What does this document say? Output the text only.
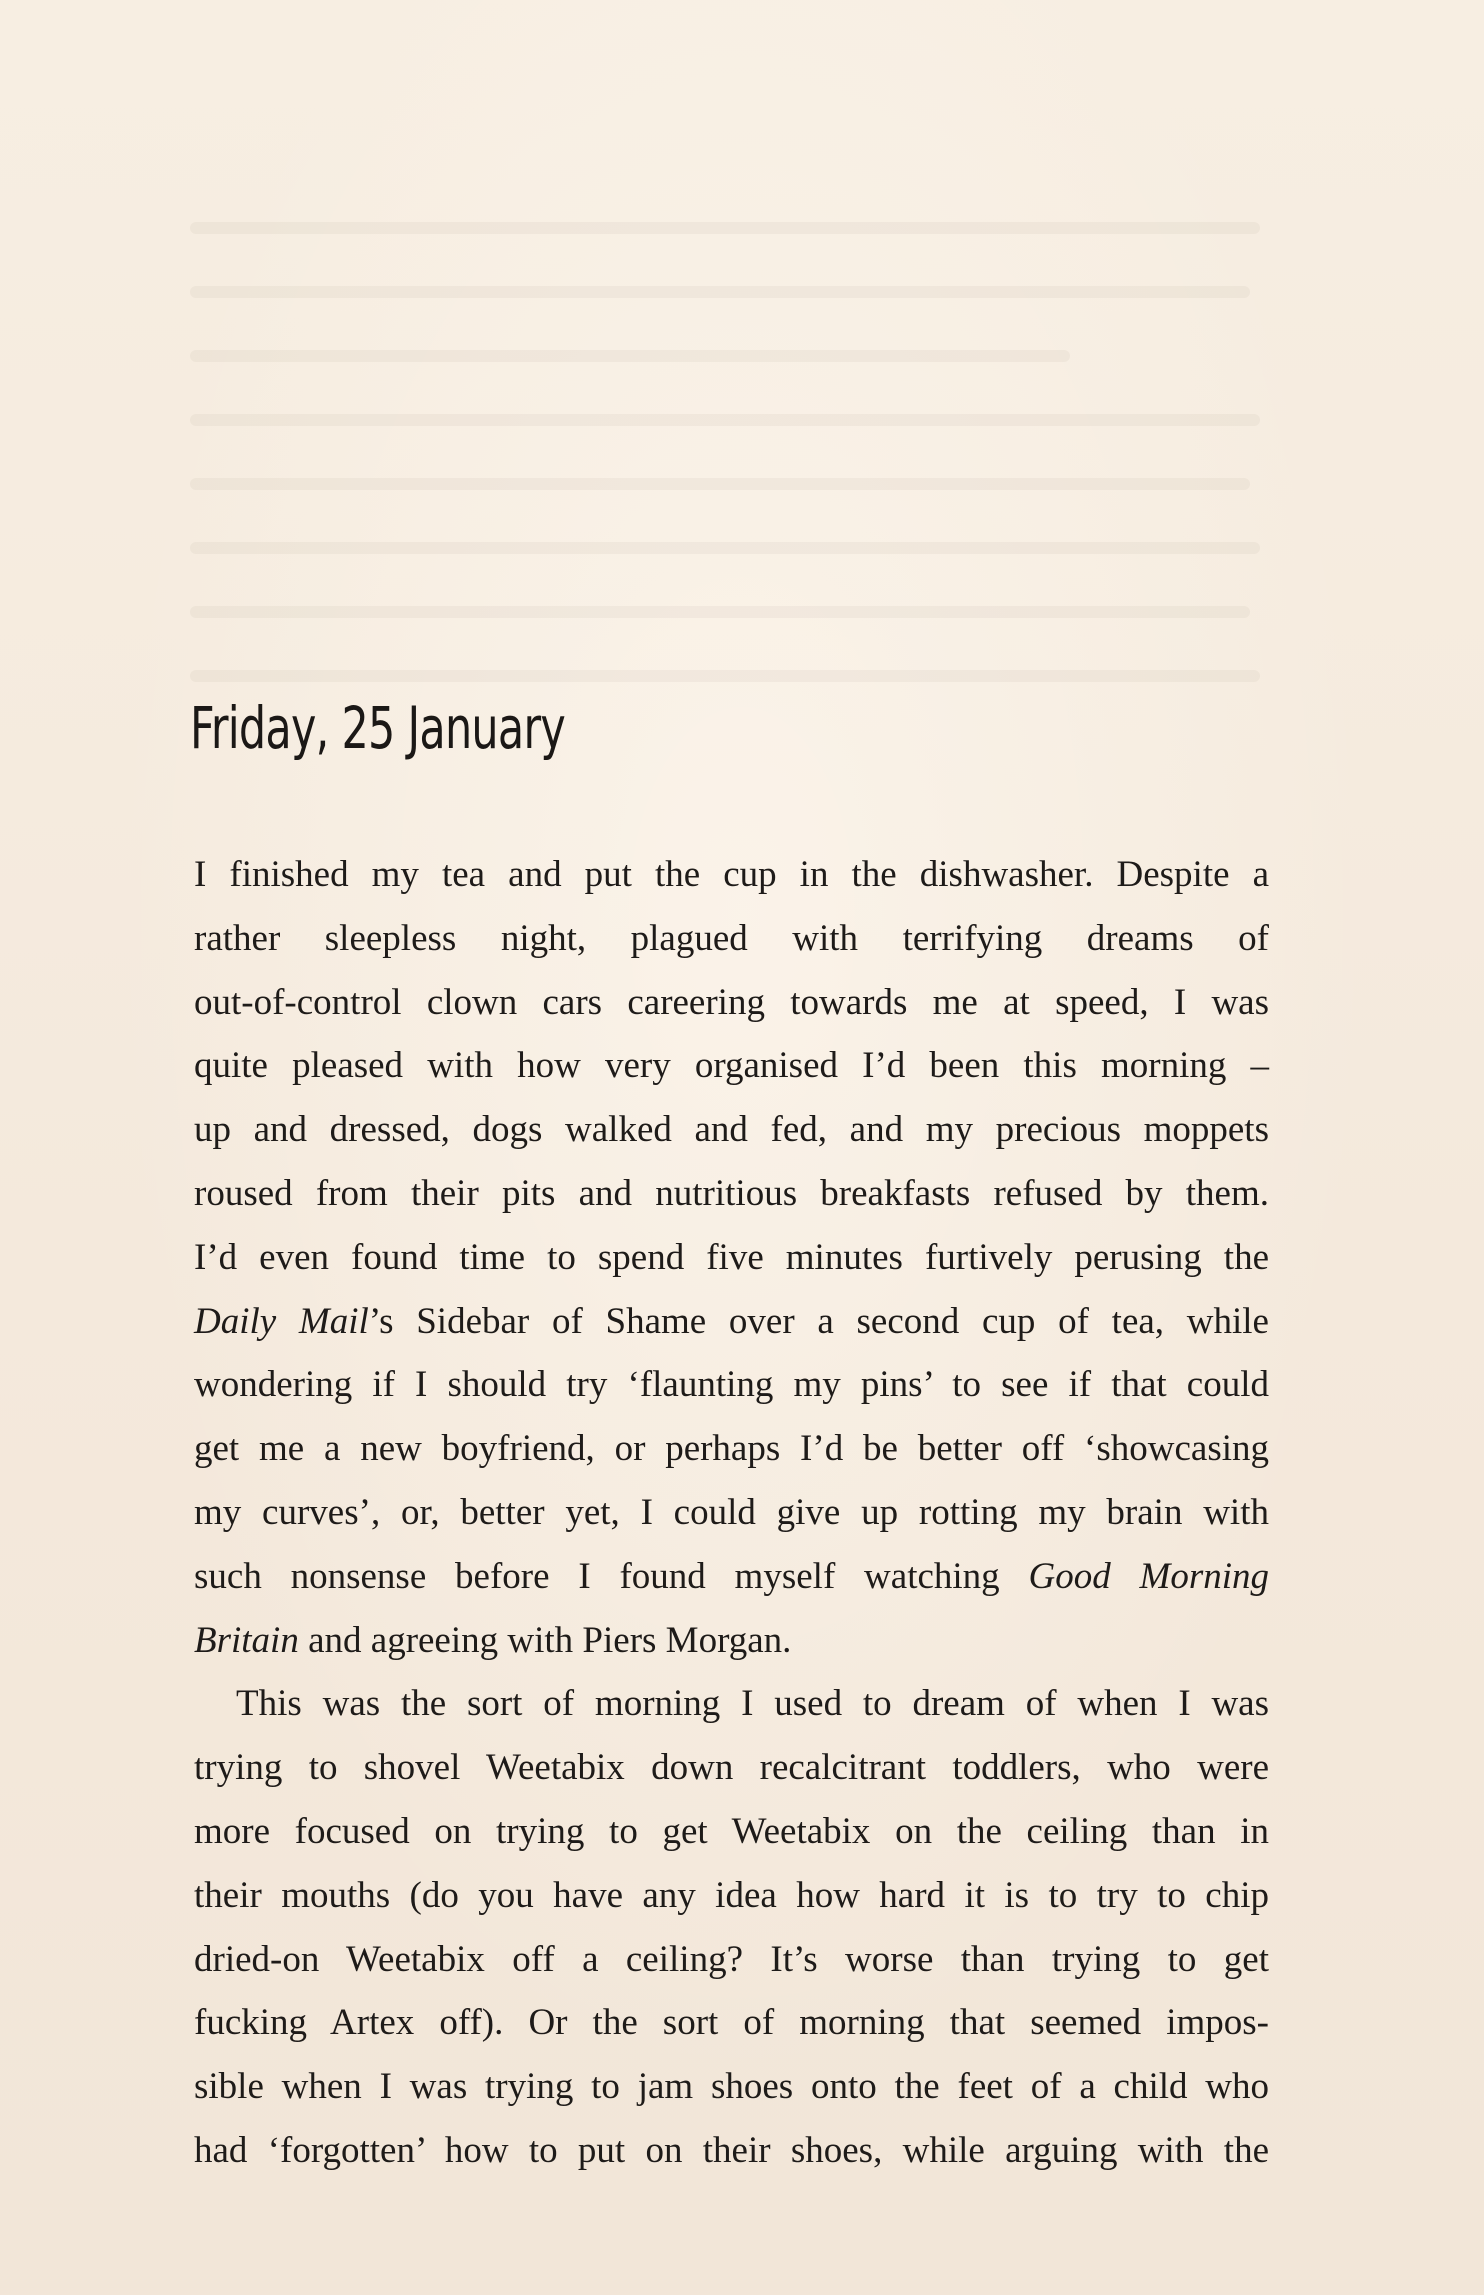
Friday, 25 January

I finished my tea and put the cup in the dishwasher. Despite a
rather sleepless night, plagued with terrifying dreams of
out-of-control clown cars careering towards me at speed, I was
quite pleased with how very organised I’d been this morning –
up and dressed, dogs walked and fed, and my precious moppets
roused from their pits and nutritious breakfasts refused by them.
I’d even found time to spend five minutes furtively perusing the
Daily Mail’s Sidebar of Shame over a second cup of tea, while
wondering if I should try ‘flaunting my pins’ to see if that could
get me a new boyfriend, or perhaps I’d be better off ‘showcasing
my curves’, or, better yet, I could give up rotting my brain with
such nonsense before I found myself watching Good Morning
Britain and agreeing with Piers Morgan.

This was the sort of morning I used to dream of when I was
trying to shovel Weetabix down recalcitrant toddlers, who were
more focused on trying to get Weetabix on the ceiling than in
their mouths (do you have any idea how hard it is to try to chip
dried-on Weetabix off a ceiling? It’s worse than trying to get
fucking Artex off). Or the sort of morning that seemed impos-
sible when I was trying to jam shoes onto the feet of a child who
had ‘forgotten’ how to put on their shoes, while arguing with the
